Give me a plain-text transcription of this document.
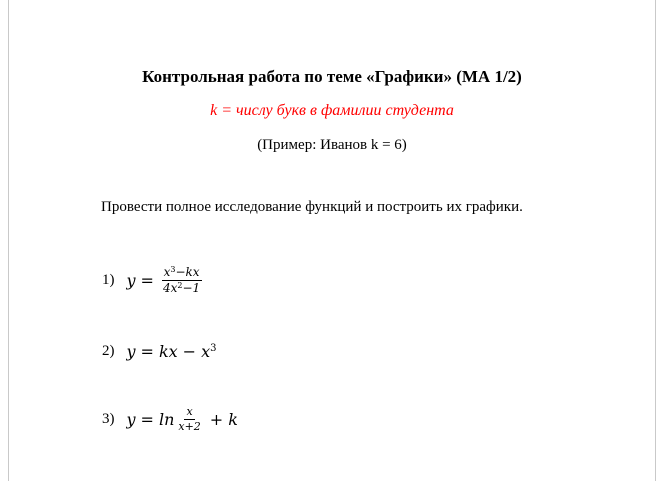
Контрольная работа по теме «Графики» (МА 1/2)
k = числу букв в фамилии студента
(Пример: Иванов k = 6)
Провести полное исследование функций и построить их графики.
1) $y = \frac{x^3-kx}{4x^2-1}$
2) y = kx − $x^3$
3) $y = \ln \frac{x}{x+2} + k$
